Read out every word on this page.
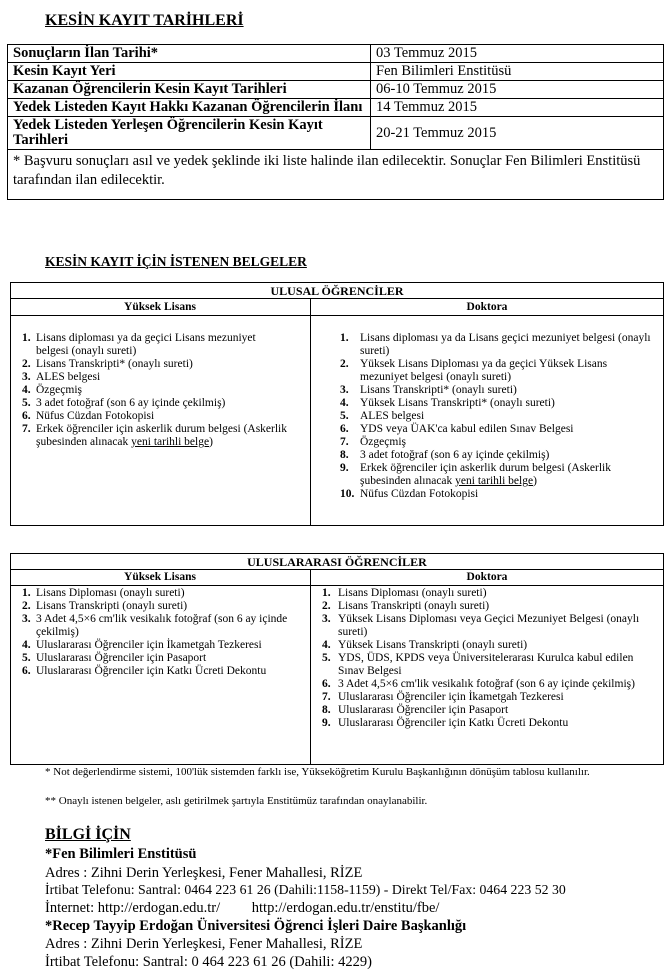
KESİN KAYIT TARİHLERİ
Sonuçların İlan Tarihi*	03 Temmuz 2015
Kesin Kayıt Yeri	Fen Bilimleri Enstitüsü
Kazanan Öğrencilerin Kesin Kayıt Tarihleri	06-10 Temmuz 2015
Yedek Listeden Kayıt Hakkı Kazanan Öğrencilerin İlanı	14 Temmuz 2015
Yedek Listeden Yerleşen Öğrencilerin Kesin Kayıt Tarihleri	20-21 Temmuz 2015
* Başvuru sonuçları asıl ve yedek şeklinde iki liste halinde ilan edilecektir. Sonuçlar Fen Bilimleri Enstitüsü tarafından ilan edilecektir.	
KESİN KAYIT İÇİN İSTENEN BELGELER
ULUSAL ÖĞRENCİLER
Yüksek Lisans	Doktora
1. Lisans diploması ya da geçici Lisans mezuniyet belgesi (onaylı sureti)
2. Lisans Transkripti* (onaylı sureti)
3. ALES belgesi
4. Özgeçmiş
5. 3 adet fotoğraf (son 6 ay içinde çekilmiş)
6. Nüfus Cüzdan Fotokopisi
7. Erkek öğrenciler için askerlik durum belgesi (Askerlik şubesinden alınacak yeni tarihli belge)
1. Lisans diploması ya da Lisans geçici mezuniyet belgesi (onaylı sureti)
2. Yüksek Lisans Diploması ya da geçici Yüksek Lisans mezuniyet belgesi (onaylı sureti)
3. Lisans Transkripti* (onaylı sureti)
4. Yüksek Lisans Transkripti* (onaylı sureti)
5. ALES belgesi
6. YDS veya ÜAK'ca kabul edilen Sınav Belgesi
7. Özgeçmiş
8. 3 adet fotoğraf (son 6 ay içinde çekilmiş)
9. Erkek öğrenciler için askerlik durum belgesi (Askerlik şubesinden alınacak yeni tarihli belge)
10. Nüfus Cüzdan Fotokopisi
ULUSLARARASI ÖĞRENCİLER
Yüksek Lisans	Doktora
1. Lisans Diploması (onaylı sureti)
2. Lisans Transkripti (onaylı sureti)
3. 3 Adet 4,5×6 cm'lik vesikalık fotoğraf (son 6 ay içinde çekilmiş)
4. Uluslararası Öğrenciler için İkametgah Tezkeresi
5. Uluslararası Öğrenciler için Pasaport
6. Uluslararası Öğrenciler için Katkı Ücreti Dekontu
1. Lisans Diploması (onaylı sureti)
2. Lisans Transkripti (onaylı sureti)
3. Yüksek Lisans Diploması veya Geçici Mezuniyet Belgesi (onaylı sureti)
4. Yüksek Lisans Transkripti (onaylı sureti)
5. YDS, ÜDS, KPDS veya Üniversitelerarası Kurulca kabul edilen Sınav Belgesi
6. 3 Adet 4,5×6 cm'lik vesikalık fotoğraf (son 6 ay içinde çekilmiş)
7. Uluslararası Öğrenciler için İkametgah Tezkeresi
8. Uluslararası Öğrenciler için Pasaport
9. Uluslararası Öğrenciler için Katkı Ücreti Dekontu
* Not değerlendirme sistemi, 100'lük sistemden farklı ise, Yükseköğretim Kurulu Başkanlığının dönüşüm tablosu kullanılır.
** Onaylı istenen belgeler, aslı getirilmek şartıyla Enstitümüz tarafından onaylanabilir.
BİLGİ İÇİN
*Fen Bilimleri Enstitüsü
Adres : Zihni Derin Yerleşkesi, Fener Mahallesi, RİZE
İrtibat Telefonu: Santral: 0464 223 61 26 (Dahili:1158-1159) - Direkt Tel/Fax: 0464 223 52 30
İnternet: http://erdogan.edu.tr/ http://erdogan.edu.tr/enstitu/fbe/
*Recep Tayyip Erdoğan Üniversitesi Öğrenci İşleri Daire Başkanlığı
Adres : Zihni Derin Yerleşkesi, Fener Mahallesi, RİZE
İrtibat Telefonu: Santral: 0 464 223 61 26 (Dahili: 4229)
